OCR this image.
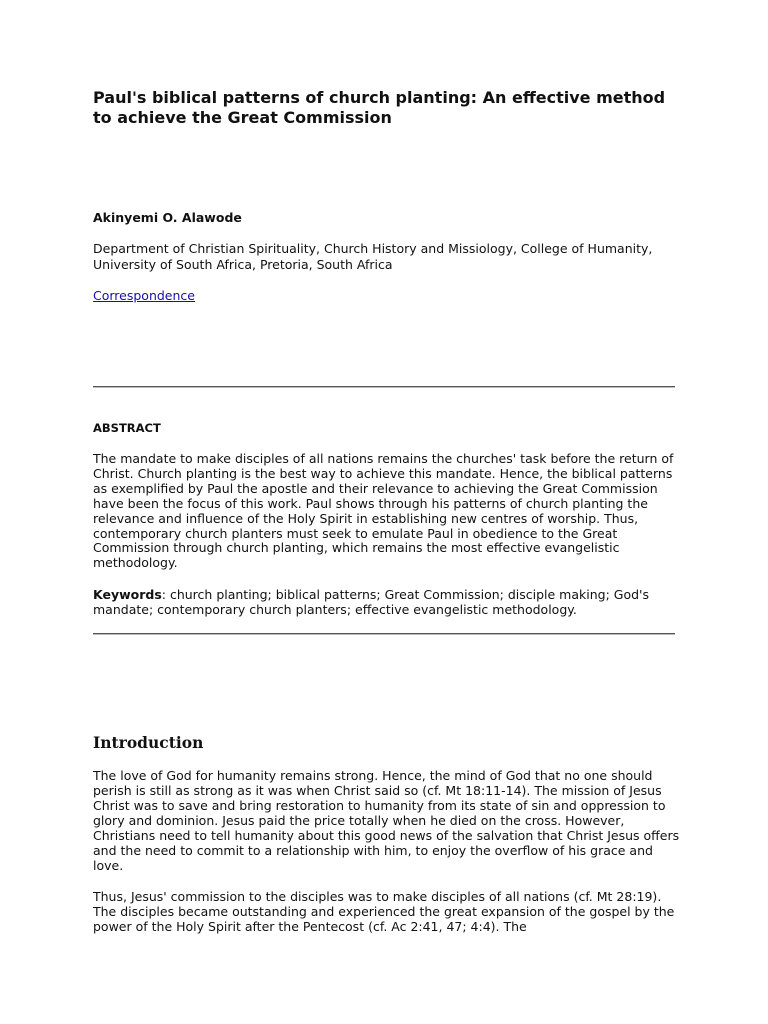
Paul's biblical patterns of church planting: An effective method to achieve the Great Commission

Akinyemi O. Alawode

Department of Christian Spirituality, Church History and Missiology, College of Humanity, University of South Africa, Pretoria, South Africa

Correspondence
ABSTRACT

The mandate to make disciples of all nations remains the churches' task before the return of Christ. Church planting is the best way to achieve this mandate. Hence, the biblical patterns as exemplified by Paul the apostle and their relevance to achieving the Great Commission have been the focus of this work. Paul shows through his patterns of church planting the relevance and influence of the Holy Spirit in establishing new centres of worship. Thus, contemporary church planters must seek to emulate Paul in obedience to the Great Commission through church planting, which remains the most effective evangelistic methodology.

Keywords: church planting; biblical patterns; Great Commission; disciple making; God's mandate; contemporary church planters; effective evangelistic methodology.

Introduction

The love of God for humanity remains strong. Hence, the mind of God that no one should perish is still as strong as it was when Christ said so (cf. Mt 18:11-14). The mission of Jesus Christ was to save and bring restoration to humanity from its state of sin and oppression to glory and dominion. Jesus paid the price totally when he died on the cross. However, Christians need to tell humanity about this good news of the salvation that Christ Jesus offers and the need to commit to a relationship with him, to enjoy the overflow of his grace and love.

Thus, Jesus' commission to the disciples was to make disciples of all nations (cf. Mt 28:19). The disciples became outstanding and experienced the great expansion of the gospel by the power of the Holy Spirit after the Pentecost (cf. Ac 2:41, 47; 4:4). The
